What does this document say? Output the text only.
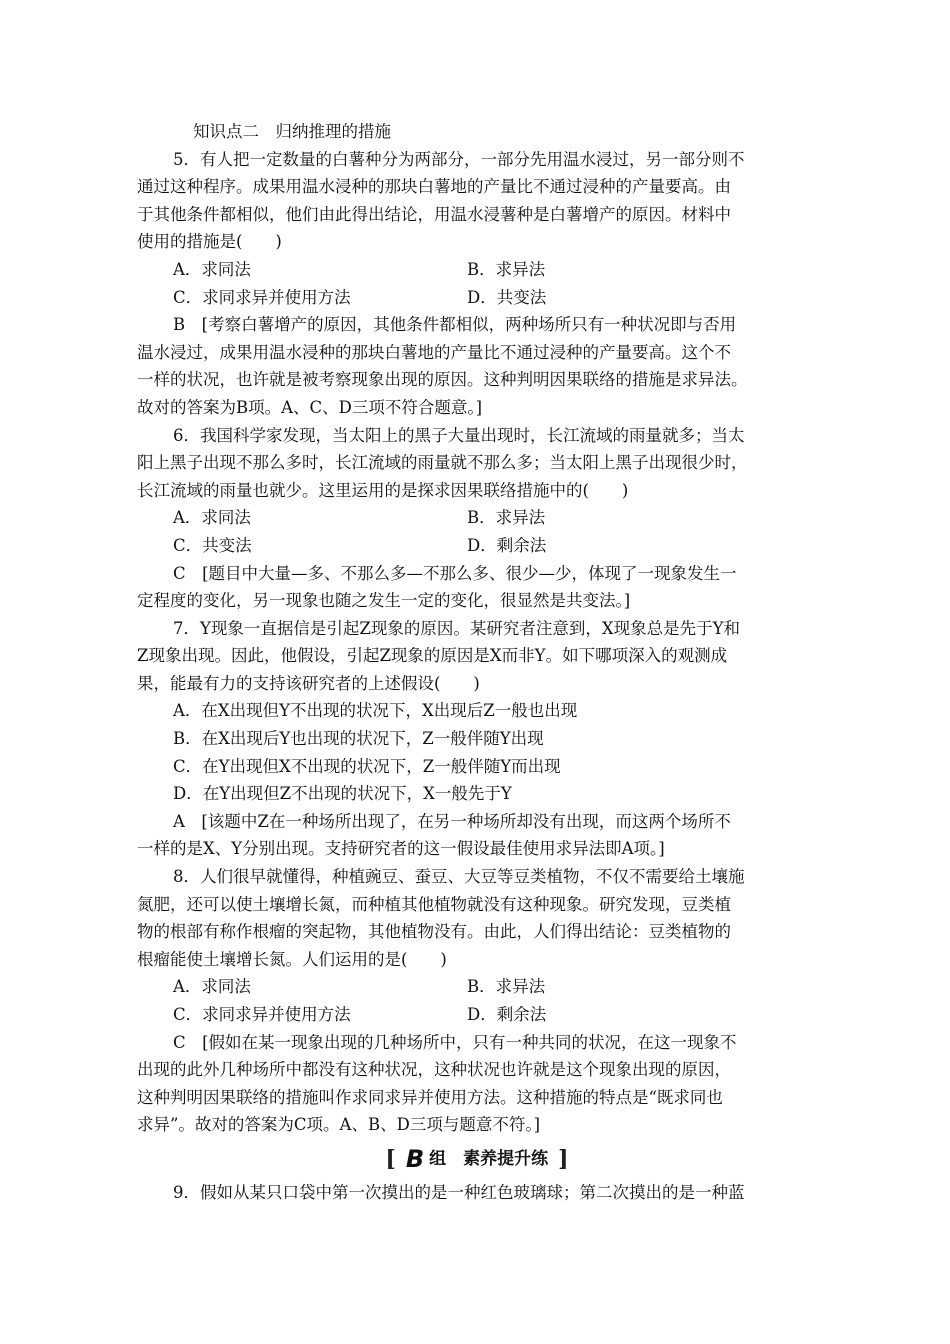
知识点二　归纳推理的措施
5．有人把一定数量的白薯种分为两部分，一部分先用温水浸过，另一部分则不
通过这种程序。成果用温水浸种的那块白薯地的产量比不通过浸种的产量要高。由
于其他条件都相似，他们由此得出结论，用温水浸薯种是白薯增产的原因。材料中
使用的措施是(　　)
A．求同法	B．求异法
C．求同求异并使用方法	D．共变法
B　[考察白薯增产的原因，其他条件都相似，两种场所只有一种状况即与否用
温水浸过，成果用温水浸种的那块白薯地的产量比不通过浸种的产量要高。这个不
一样的状况，也许就是被考察现象出现的原因。这种判明因果联络的措施是求异法。
故对的答案为B项。A、C、D三项不符合题意。]
6．我国科学家发现，当太阳上的黑子大量出现时，长江流域的雨量就多；当太
阳上黑子出现不那么多时，长江流域的雨量就不那么多；当太阳上黑子出现很少时，
长江流域的雨量也就少。这里运用的是探求因果联络措施中的(　　)
A．求同法	B．求异法
C．共变法	D．剩余法
C　[题目中大量—多、不那么多—不那么多、很少—少，体现了一现象发生一
定程度的变化，另一现象也随之发生一定的变化，很显然是共变法。]
7．Y现象一直据信是引起Z现象的原因。某研究者注意到，X现象总是先于Y和
Z现象出现。因此，他假设，引起Z现象的原因是X而非Y。如下哪项深入的观测成
果，能最有力的支持该研究者的上述假设(　　)
A．在X出现但Y不出现的状况下，X出现后Z一般也出现
B．在X出现后Y也出现的状况下，Z一般伴随Y出现
C．在Y出现但X不出现的状况下，Z一般伴随Y而出现
D．在Y出现但Z不出现的状况下，X一般先于Y
A　[该题中Z在一种场所出现了，在另一种场所却没有出现，而这两个场所不
一样的是X、Y分别出现。支持研究者的这一假设最佳使用求异法即A项。]
8．人们很早就懂得，种植豌豆、蚕豆、大豆等豆类植物，不仅不需要给土壤施
氮肥，还可以使土壤增长氮，而种植其他植物就没有这种现象。研究发现，豆类植
物的根部有称作根瘤的突起物，其他植物没有。由此，人们得出结论：豆类植物的
根瘤能使土壤增长氮。人们运用的是(　　)
A．求同法	B．求异法
C．求同求异并使用方法	D．剩余法
C　[假如在某一现象出现的几种场所中，只有一种共同的状况，在这一现象不
出现的此外几种场所中都没有这种状况，这种状况也许就是这个现象出现的原因，
这种判明因果联络的措施叫作求同求异并使用方法。这种措施的特点是“既求同也
求异”。故对的答案为C项。A、B、D三项与题意不符。]
[ B 组　素养提升练 ]
9．假如从某只口袋中第一次摸出的是一种红色玻璃球；第二次摸出的是一种蓝
